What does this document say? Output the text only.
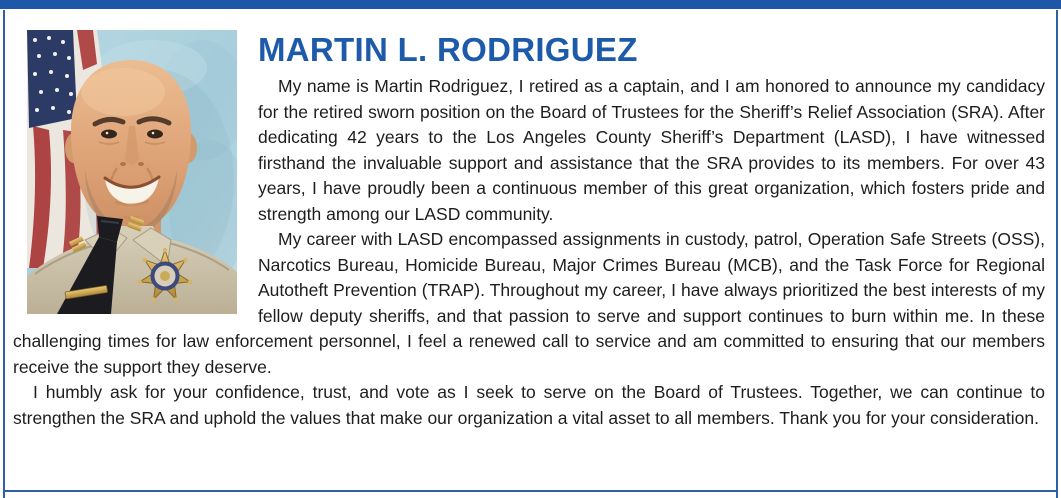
MARTIN L. RODRIGUEZ

My name is Martin Rodriguez, I retired as a captain, and I am honored to announce my candidacy for the retired sworn position on the Board of Trustees for the Sheriff’s Relief Association (SRA). After dedicating 42 years to the Los Angeles County Sheriff’s Department (LASD), I have witnessed firsthand the invaluable support and assistance that the SRA provides to its members. For over 43 years, I have proudly been a continuous member of this great organization, which fosters pride and strength among our LASD community.

My career with LASD encompassed assignments in custody, patrol, Operation Safe Streets (OSS), Narcotics Bureau, Homicide Bureau, Major Crimes Bureau (MCB), and the Task Force for Regional Autotheft Prevention (TRAP). Throughout my career, I have always prioritized the best interests of my fellow deputy sheriffs, and that passion to serve and support continues to burn within me. In these challenging times for law enforcement personnel, I feel a renewed call to service and am committed to ensuring that our members receive the support they deserve.

I humbly ask for your confidence, trust, and vote as I seek to serve on the Board of Trustees. Together, we can continue to strengthen the SRA and uphold the values that make our organization a vital asset to all members. Thank you for your consideration.
